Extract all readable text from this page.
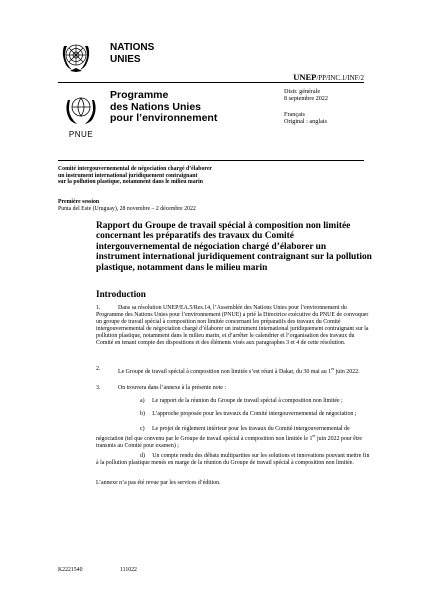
NATIONS
UNIES
UNEP/PP/INC.1/INF/2
PNUE
Programme
des Nations Unies
pour l’environnement
Distr. générale
8 septembre 2022
Français
Original : anglais
Comité intergouvernemental de négociation chargé d’élaborer
un instrument international juridiquement contraignant
sur la pollution plastique, notamment dans le milieu marin
Première session
Punta del Este (Uruguay), 28 novembre – 2 décembre 2022
Rapport du Groupe de travail spécial à composition non limitée concernant les préparatifs des travaux du Comité intergouvernemental de négociation chargé d’élaborer un instrument international juridiquement contraignant sur la pollution plastique, notamment dans le milieu marin
Introduction
1.	Dans sa résolution UNEP/EA.5/Res.14, l’Assemblée des Nations Unies pour l’environnement du Programme des Nations Unies pour l’environnement (PNUE) a prié la Directrice exécutive du PNUE de convoquer un groupe de travail spécial à composition non limitée concernant les préparatifs des travaux du Comité intergouvernemental de négociation chargé d’élaborer un instrument international juridiquement contraignant sur la pollution plastique, notamment dans le milieu marin, et d’arrêter le calendrier et l’organisation des travaux du Comité en tenant compte des dispositions et des éléments visés aux paragraphes 3 et 4 de cette résolution.
2.	Le Groupe de travail spécial à composition non limitée s’est réuni à Dakar, du 30 mai au 1er juin 2022.
3.	On trouvera dans l’annexe à la présente note :
a) Le rapport de la réunion du Groupe de travail spécial à composition non limitée ;
b) L’approche proposée pour les travaux du Comité intergouvernemental de négociation ;
c) Le projet de règlement intérieur pour les travaux du Comité intergouvernemental de négociation (tel que convenu par le Groupe de travail spécial à composition non limitée le 1er juin 2022 pour être transmis au Comité pour examen) ;
d) Un compte rendu des débats multipartites sur les solutions et innovations pouvant mettre fin à la pollution plastique menés en marge de la réunion du Groupe de travail spécial à composition non limitée.
L’annexe n’a pas été revue par les services d’édition.
K2221540	111022
